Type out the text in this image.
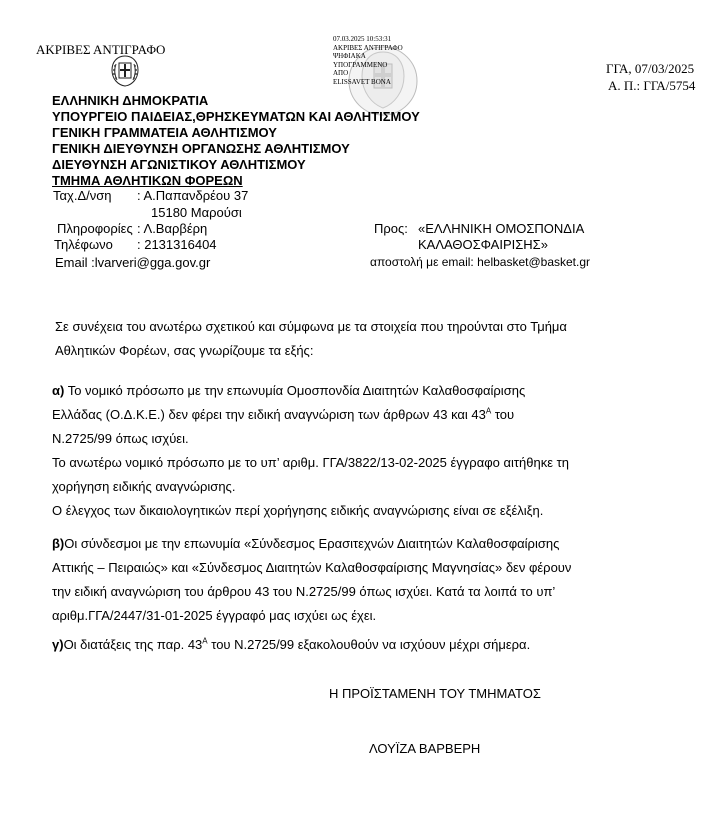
ΑΚΡΙΒΕΣ ΑΝΤΙΓΡΑΦΟ
07.03.2025 10:53:31
ΑΚΡΙΒΕΣ ΑΝΤΙΓΡΑΦΟ
ΨΗΦΙΑΚΑ
ΥΠΟΓΡΑΜΜΕΝΟ
ΑΠΟ
ELISSAVET BONA
ΓΓΑ, 07/03/2025
Α. Π.: ΓΓΑ/5754
ΕΛΛΗΝΙΚΗ ΔΗΜΟΚΡΑΤΙΑ
ΥΠΟΥΡΓΕΙΟ ΠΑΙΔΕΙΑΣ,ΘΡΗΣΚΕΥΜΑΤΩΝ ΚΑΙ ΑΘΛΗΤΙΣΜΟΥ
ΓΕΝΙΚΗ ΓΡΑΜΜΑΤΕΙΑ ΑΘΛΗΤΙΣΜΟΥ
ΓΕΝΙΚΗ ΔΙΕΥΘΥΝΣΗ ΟΡΓΑΝΩΣΗΣ ΑΘΛΗΤΙΣΜΟΥ
ΔΙΕΥΘΥΝΣΗ ΑΓΩΝΙΣΤΙΚΟΥ ΑΘΛΗΤΙΣΜΟΥ
ΤΜΗΜΑ ΑΘΛΗΤΙΚΩΝ ΦΟΡΕΩΝ
Ταχ.Δ/νση : Α.Παπανδρέου 37
15180 Μαρούσι
Πληροφορίες : Λ.Βαρβέρη
Τηλέφωνο : 2131316404
Email :lvarveri@gga.gov.gr
Προς: «ΕΛΛΗΝΙΚΗ ΟΜΟΣΠΟΝΔΙΑ
ΚΑΛΑΘΟΣΦΑΙΡΙΣΗΣ»
αποστολή με email: helbasket@basket.gr
Σε συνέχεια του ανωτέρω σχετικού και σύμφωνα με τα στοιχεία που τηρούνται στο Τμήμα
Αθλητικών Φορέων, σας γνωρίζουμε τα εξής:
α) Το νομικό πρόσωπο με την επωνυμία Ομοσπονδία Διαιτητών Καλαθοσφαίρισης
Ελλάδας (Ο.Δ.Κ.Ε.) δεν φέρει την ειδική αναγνώριση των άρθρων 43 και $43^A$ του
Ν.2725/99 όπως ισχύει.
Το ανωτέρω νομικό πρόσωπο με το υπ’ αριθμ. ΓΓΑ/3822/13-02-2025 έγγραφο αιτήθηκε τη
χορήγηση ειδικής αναγνώρισης.
Ο έλεγχος των δικαιολογητικών περί χορήγησης ειδικής αναγνώρισης είναι σε εξέλιξη.
β)Οι σύνδεσμοι με την επωνυμία «Σύνδεσμος Ερασιτεχνών Διαιτητών Καλαθοσφαίρισης
Αττικής – Πειραιώς» και «Σύνδεσμος Διαιτητών Καλαθοσφαίρισης Μαγνησίας» δεν φέρουν
την ειδική αναγνώριση του άρθρου 43 του Ν.2725/99 όπως ισχύει. Κατά τα λοιπά το υπ’
αριθμ.ΓΓΑ/2447/31-01-2025 έγγραφό μας ισχύει ως έχει.
γ)Οι διατάξεις της παρ. $43^A$ του Ν.2725/99 εξακολουθούν να ισχύουν μέχρι σήμερα.
Η ΠΡΟΪΣΤΑΜΕΝΗ ΤΟΥ ΤΜΗΜΑΤΟΣ
ΛΟΥΪΖΑ ΒΑΡΒΕΡΗ
